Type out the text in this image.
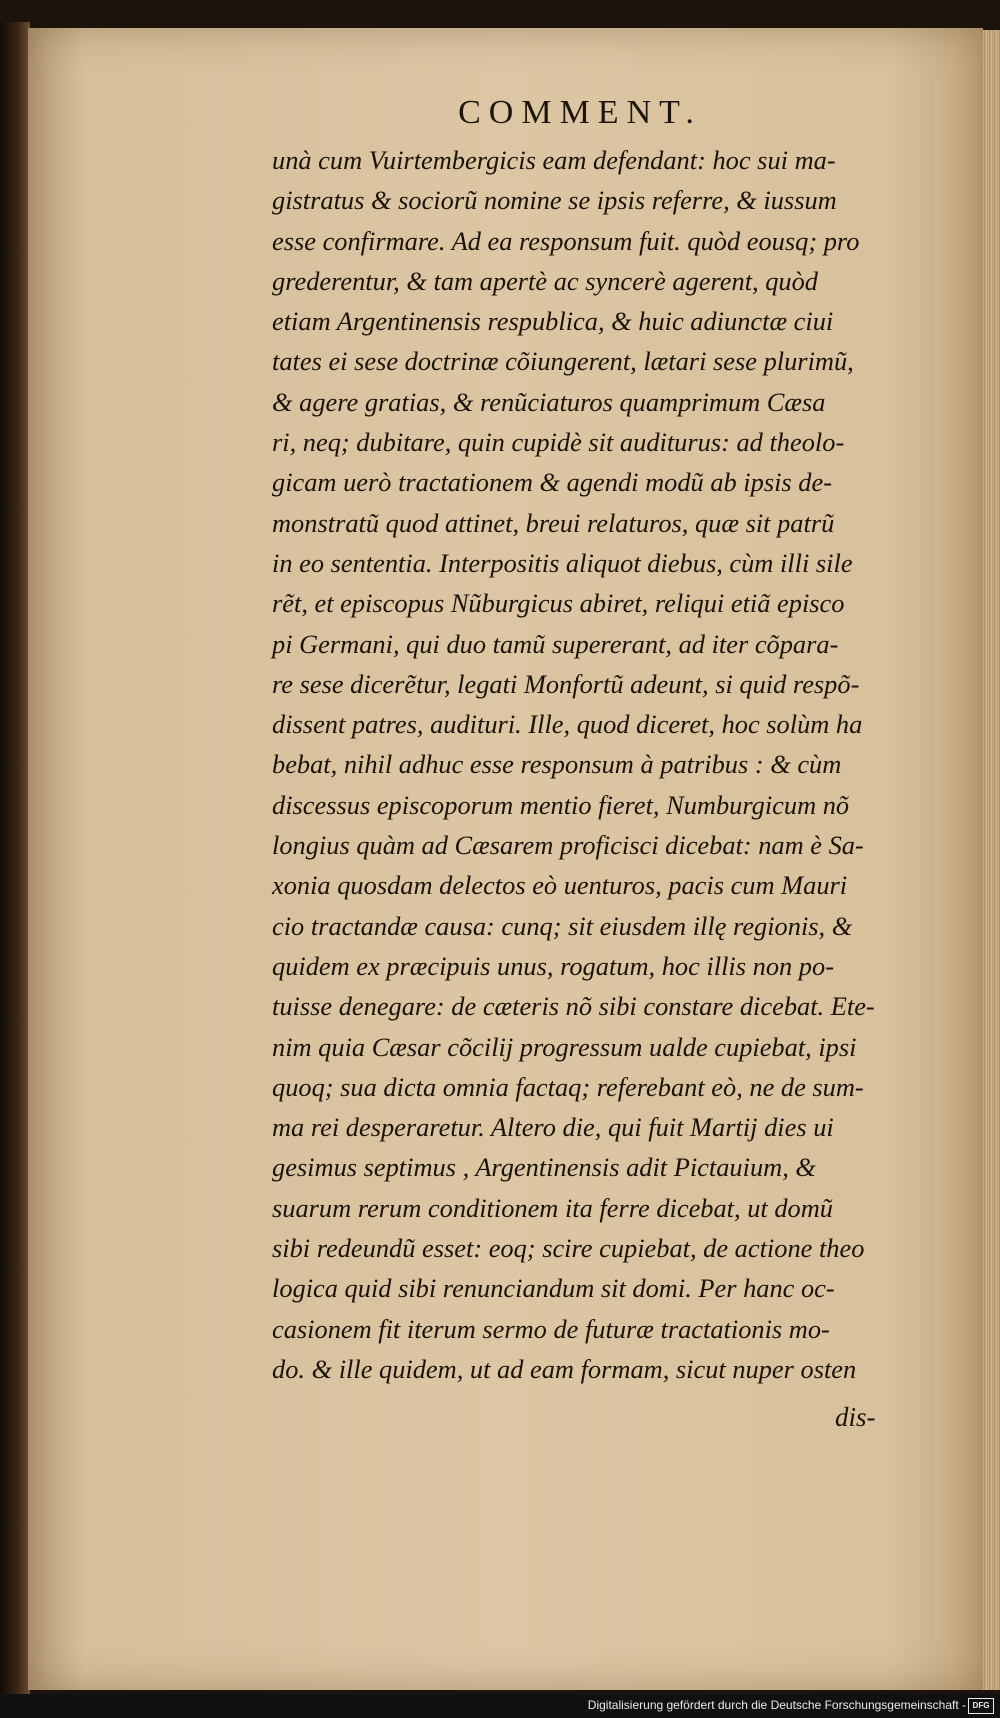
COMMENT.
unà cum Vuirtembergicis eam defendant: hoc sui ma-
gistratus & sociorũ nomine se ipsis referre, & iussum
esse confirmare. Ad ea responsum fuit. quòd eousq; pro
grederentur, & tam apertè ac syncerè agerent, quòd
etiam Argentinensis respublica, & huic adiunctæ ciui
tates ei sese doctrinæ cõiungerent, lætari sese plurimũ,
& agere gratias, & renũciaturos quamprimum Cæsa
ri, neq; dubitare, quin cupidè sit auditurus: ad theolo-
gicam uerò tractationem & agendi modũ ab ipsis de-
monstratũ quod attinet, breui relaturos, quæ sit patrũ
in eo sententia. Interpositis aliquot diebus, cùm illi sile
rẽt, et episcopus Nũburgicus abiret, reliqui etiã episco
pi Germani, qui duo tamũ supererant, ad iter cõpara-
re sese dicerẽtur, legati Monfortũ adeunt, si quid respõ-
dissent patres, audituri. Ille, quod diceret, hoc solùm ha
bebat, nihil adhuc esse responsum à patribus : & cùm
discessus episcoporum mentio fieret, Numburgicum nõ
longius quàm ad Cæsarem proficisci dicebat: nam è Sa-
xonia quosdam delectos eò uenturos, pacis cum Mauri
cio tractandæ causa: cunq; sit eiusdem illę regionis, &
quidem ex præcipuis unus, rogatum, hoc illis non po-
tuisse denegare: de cæteris nõ sibi constare dicebat. Ete-
nim quia Cæsar cõcilij progressum ualde cupiebat, ipsi
quoq; sua dicta omnia factaq; referebant eò, ne de sum-
ma rei desperaretur. Altero die, qui fuit Martij dies ui
gesimus septimus , Argentinensis adit Pictauium, &
suarum rerum conditionem ita ferre dicebat, ut domũ
sibi redeundũ esset: eoq; scire cupiebat, de actione theo
logica quid sibi renunciandum sit domi. Per hanc oc-
casionem fit iterum sermo de futuræ tractationis mo-
do. & ille quidem, ut ad eam formam, sicut nuper osten
dis-
Digitalisierung gefördert durch die Deutsche Forschungsgemeinschaft - DFG
